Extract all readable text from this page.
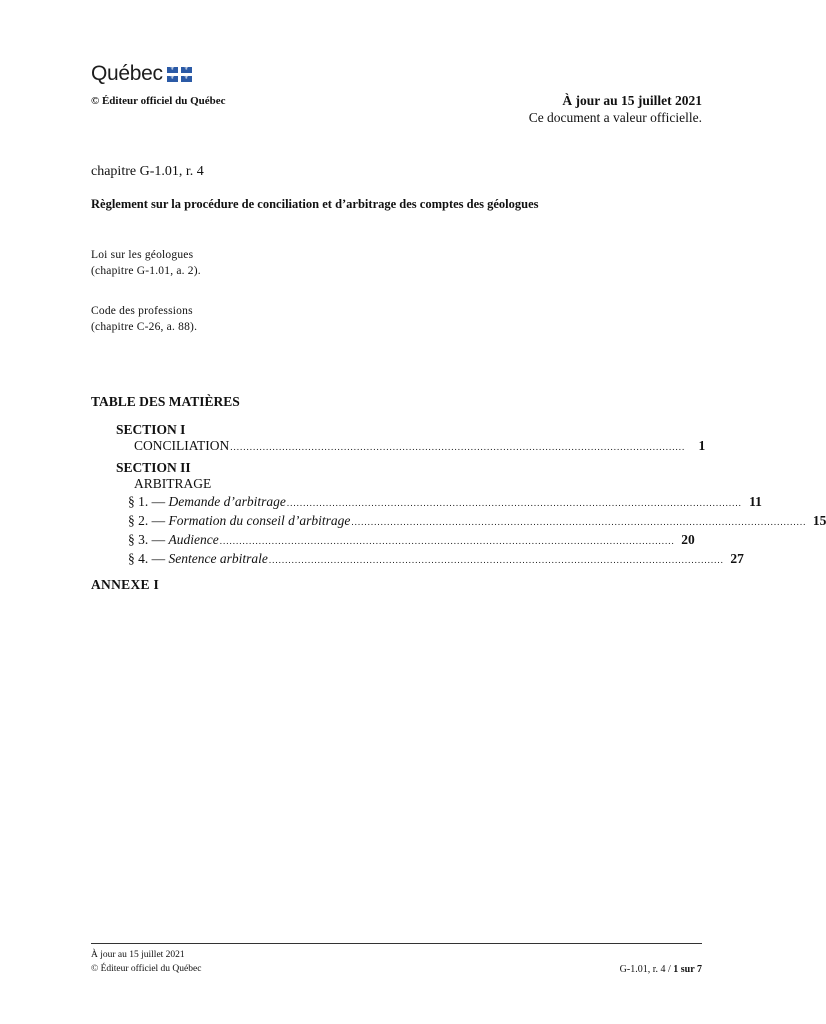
Québec ⚜ ⚜
⚜ ⚜
© Éditeur officiel du Québec	À jour au 15 juillet 2021
Ce document a valeur officielle.
chapitre G-1.01, r. 4
Règlement sur la procédure de conciliation et d’arbitrage des comptes des géologues
Loi sur les géologues
(chapitre G-1.01, a. 2).
Code des professions
(chapitre C-26, a. 88).
TABLE DES MATIÈRES
SECTION I
CONCILIATION ............................................................................................................................................ 1
SECTION II
ARBITRAGE
§ 1. — Demande d’arbitrage ............................................................................................................................................ 11
§ 2. — Formation du conseil d’arbitrage ............................................................................................................................................ 15
§ 3. — Audience ............................................................................................................................................ 20
§ 4. — Sentence arbitrale ............................................................................................................................................ 27
ANNEXE I
À jour au 15 juillet 2021
© Éditeur officiel du Québec	G-1.01, r. 4 / 1 sur 7
